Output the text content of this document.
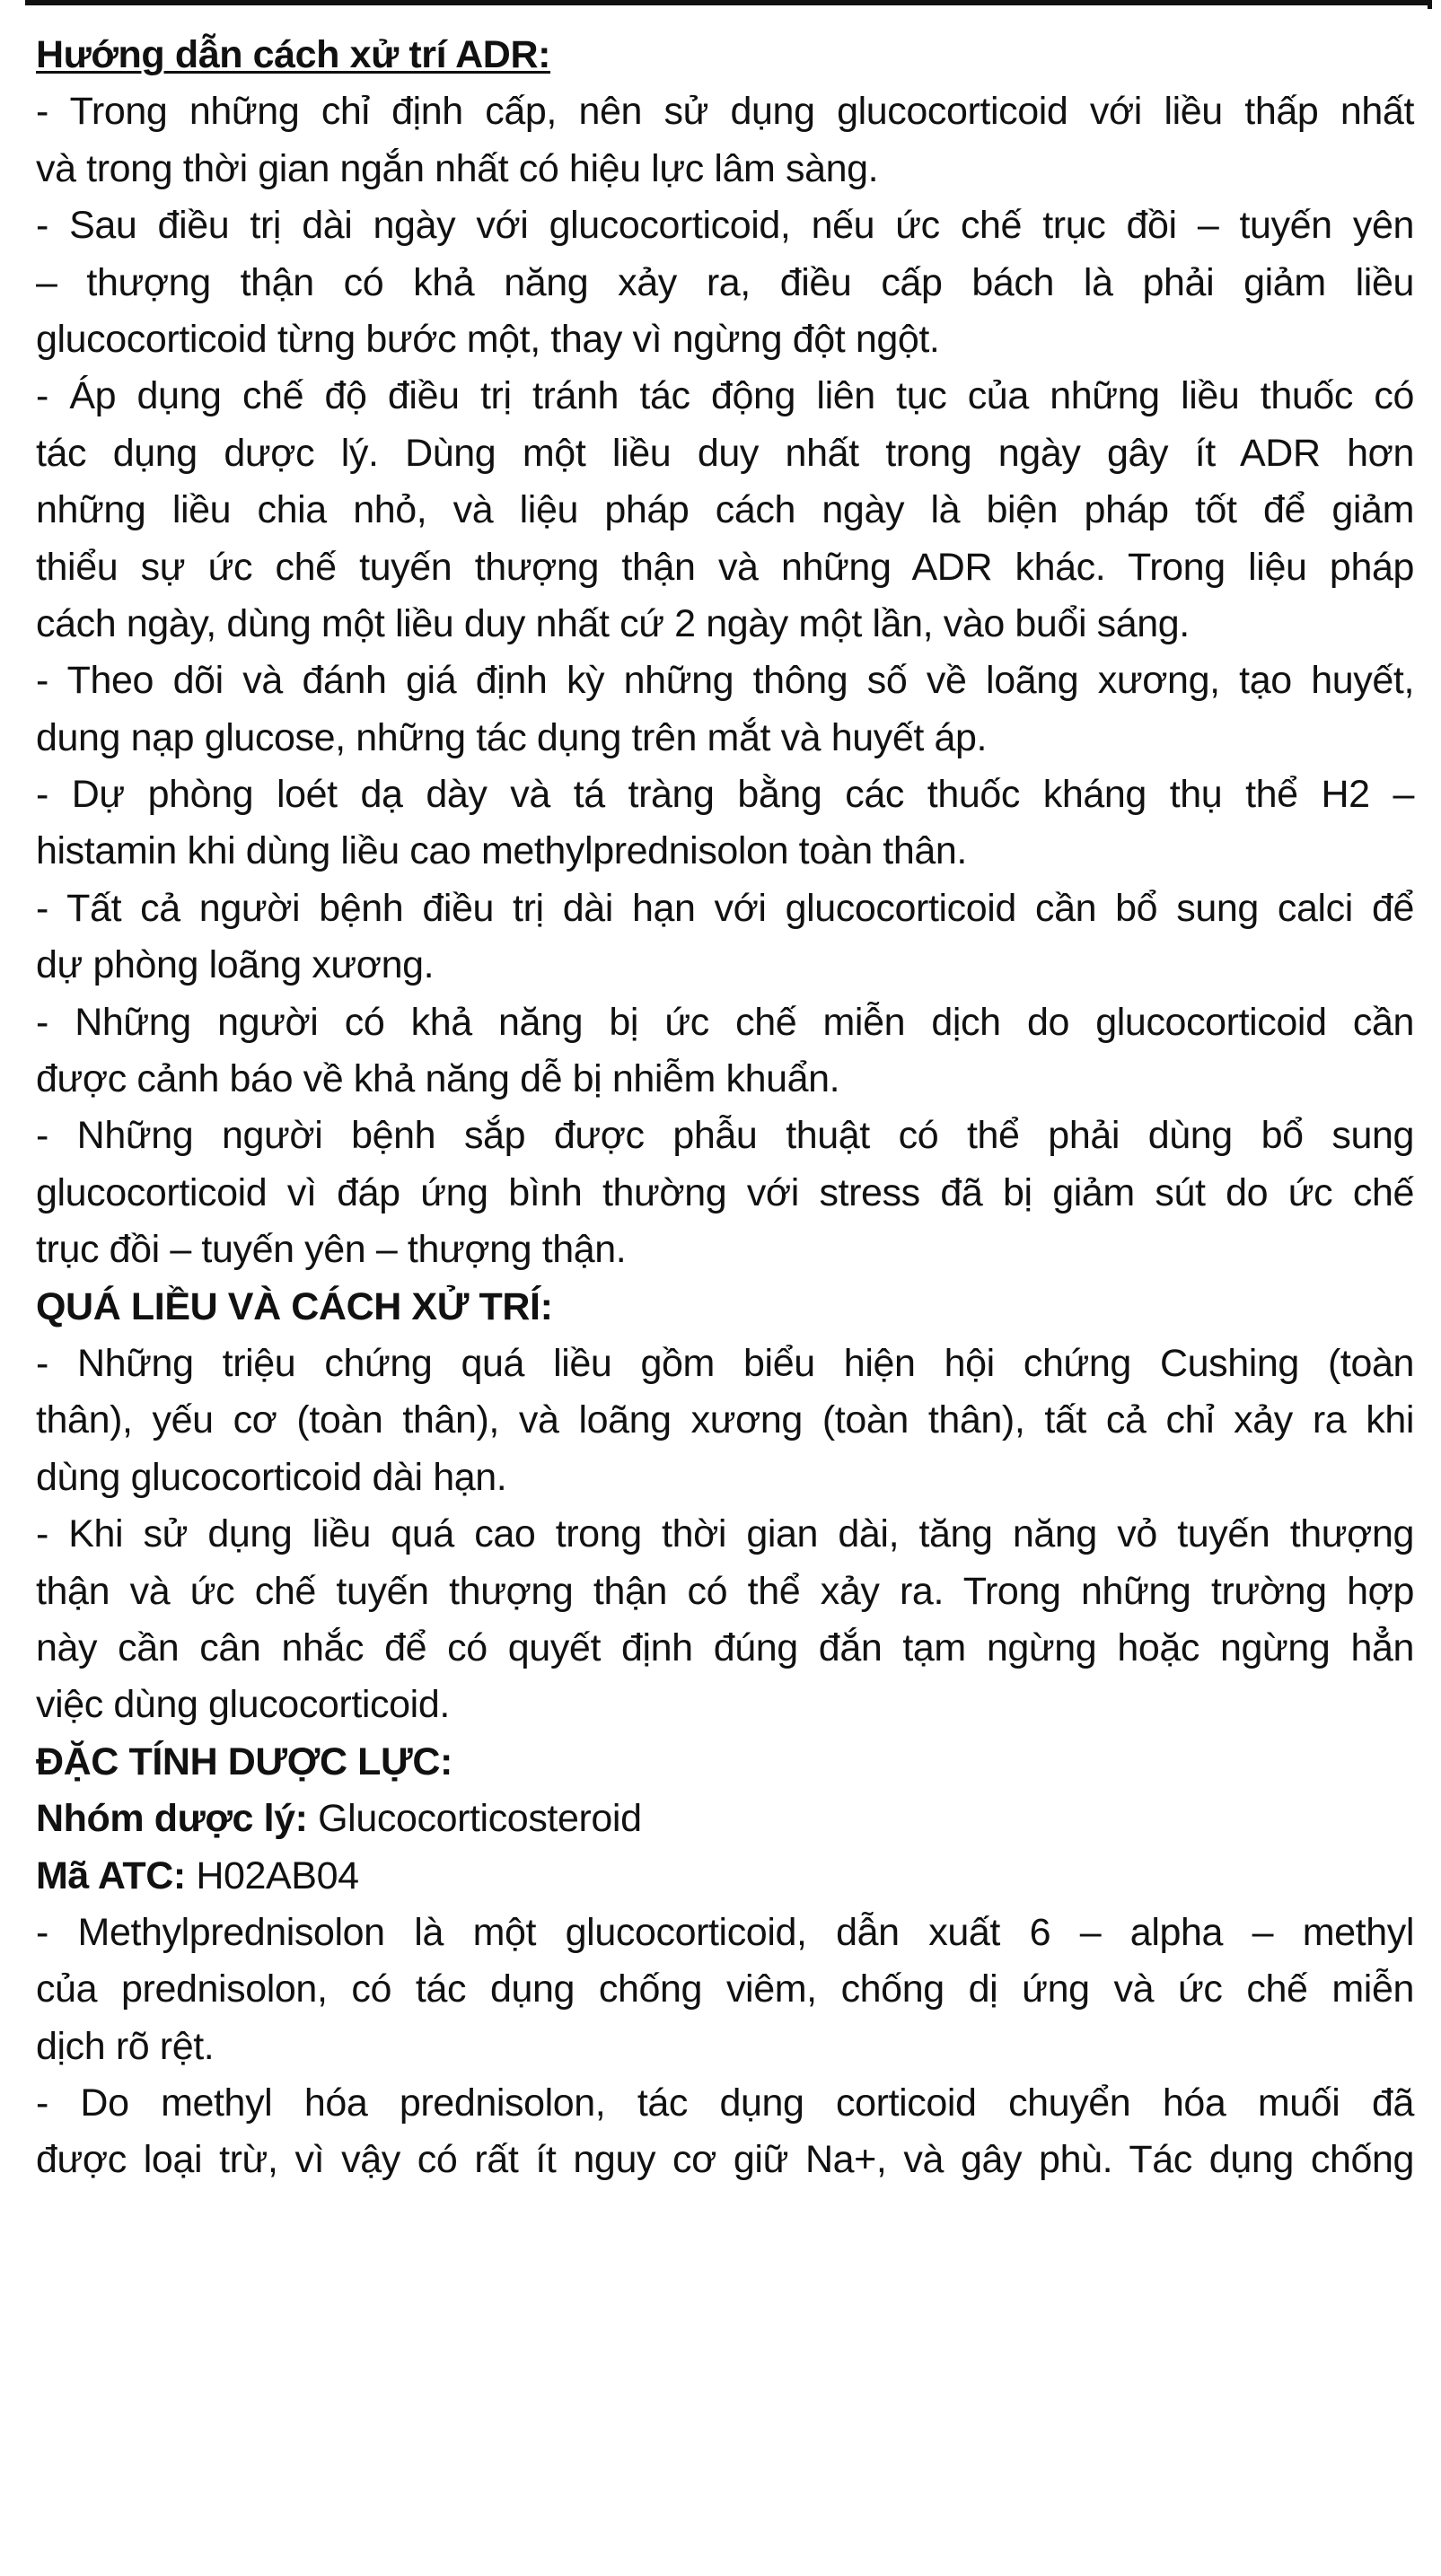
Hướng dẫn cách xử trí ADR:
- Trong những chỉ định cấp, nên sử dụng glucocorticoid với liều thấp nhất
và trong thời gian ngắn nhất có hiệu lực lâm sàng.
- Sau điều trị dài ngày với glucocorticoid, nếu ức chế trục đồi – tuyến yên
– thượng thận có khả năng xảy ra, điều cấp bách là phải giảm liều
glucocorticoid từng bước một, thay vì ngừng đột ngột.
- Áp dụng chế độ điều trị tránh tác động liên tục của những liều thuốc có
tác dụng dược lý. Dùng một liều duy nhất trong ngày gây ít ADR hơn
những liều chia nhỏ, và liệu pháp cách ngày là biện pháp tốt để giảm
thiểu sự ức chế tuyến thượng thận và những ADR khác. Trong liệu pháp
cách ngày, dùng một liều duy nhất cứ 2 ngày một lần, vào buổi sáng.
- Theo dõi và đánh giá định kỳ những thông số về loãng xương, tạo huyết,
dung nạp glucose, những tác dụng trên mắt và huyết áp.
- Dự phòng loét dạ dày và tá tràng bằng các thuốc kháng thụ thể H2 –
histamin khi dùng liều cao methylprednisolon toàn thân.
- Tất cả người bệnh điều trị dài hạn với glucocorticoid cần bổ sung calci để
dự phòng loãng xương.
- Những người có khả năng bị ức chế miễn dịch do glucocorticoid cần
được cảnh báo về khả năng dễ bị nhiễm khuẩn.
- Những người bệnh sắp được phẫu thuật có thể phải dùng bổ sung
glucocorticoid vì đáp ứng bình thường với stress đã bị giảm sút do ức chế
trục đồi – tuyến yên – thượng thận.
QUÁ LIỀU VÀ CÁCH XỬ TRÍ:
- Những triệu chứng quá liều gồm biểu hiện hội chứng Cushing (toàn
thân), yếu cơ (toàn thân), và loãng xương (toàn thân), tất cả chỉ xảy ra khi
dùng glucocorticoid dài hạn.
- Khi sử dụng liều quá cao trong thời gian dài, tăng năng vỏ tuyến thượng
thận và ức chế tuyến thượng thận có thể xảy ra. Trong những trường hợp
này cần cân nhắc để có quyết định đúng đắn tạm ngừng hoặc ngừng hẳn
việc dùng glucocorticoid.
ĐẶC TÍNH DƯỢC LỰC:
Nhóm dược lý: Glucocorticosteroid
Mã ATC: H02AB04
- Methylprednisolon là một glucocorticoid, dẫn xuất 6 – alpha – methyl
của prednisolon, có tác dụng chống viêm, chống dị ứng và ức chế miễn
dịch rõ rệt.
- Do methyl hóa prednisolon, tác dụng corticoid chuyển hóa muối đã
được loại trừ, vì vậy có rất ít nguy cơ giữ Na+, và gây phù. Tác dụng chống
